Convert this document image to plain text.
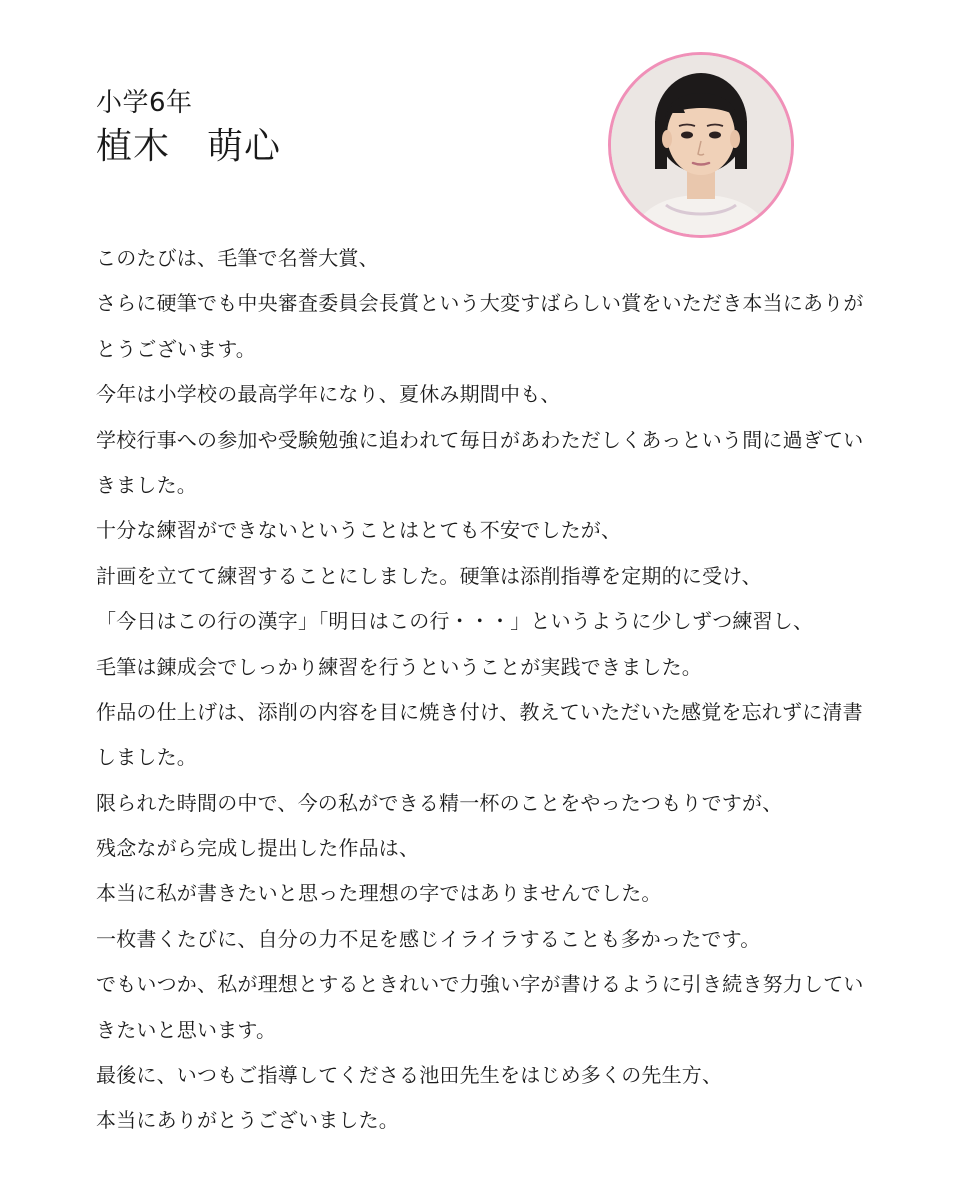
小学6年
植木　萌心
このたびは、毛筆で名誉大賞、
さらに硬筆でも中央審査委員会長賞という大変すばらしい賞をいただき本当にありが
とうございます。
今年は小学校の最高学年になり、夏休み期間中も、
学校行事への参加や受験勉強に追われて毎日があわただしくあっという間に過ぎてい
きました。
十分な練習ができないということはとても不安でしたが、
計画を立てて練習することにしました。硬筆は添削指導を定期的に受け、
「今日はこの行の漢字」「明日はこの行・・・」というように少しずつ練習し、
毛筆は錬成会でしっかり練習を行うということが実践できました。
作品の仕上げは、添削の内容を目に焼き付け、教えていただいた感覚を忘れずに清書
しました。
限られた時間の中で、今の私ができる精一杯のことをやったつもりですが、
残念ながら完成し提出した作品は、
本当に私が書きたいと思った理想の字ではありませんでした。
一枚書くたびに、自分の力不足を感じイライラすることも多かったです。
でもいつか、私が理想とするときれいで力強い字が書けるように引き続き努力してい
きたいと思います。
最後に、いつもご指導してくださる池田先生をはじめ多くの先生方、
本当にありがとうございました。
